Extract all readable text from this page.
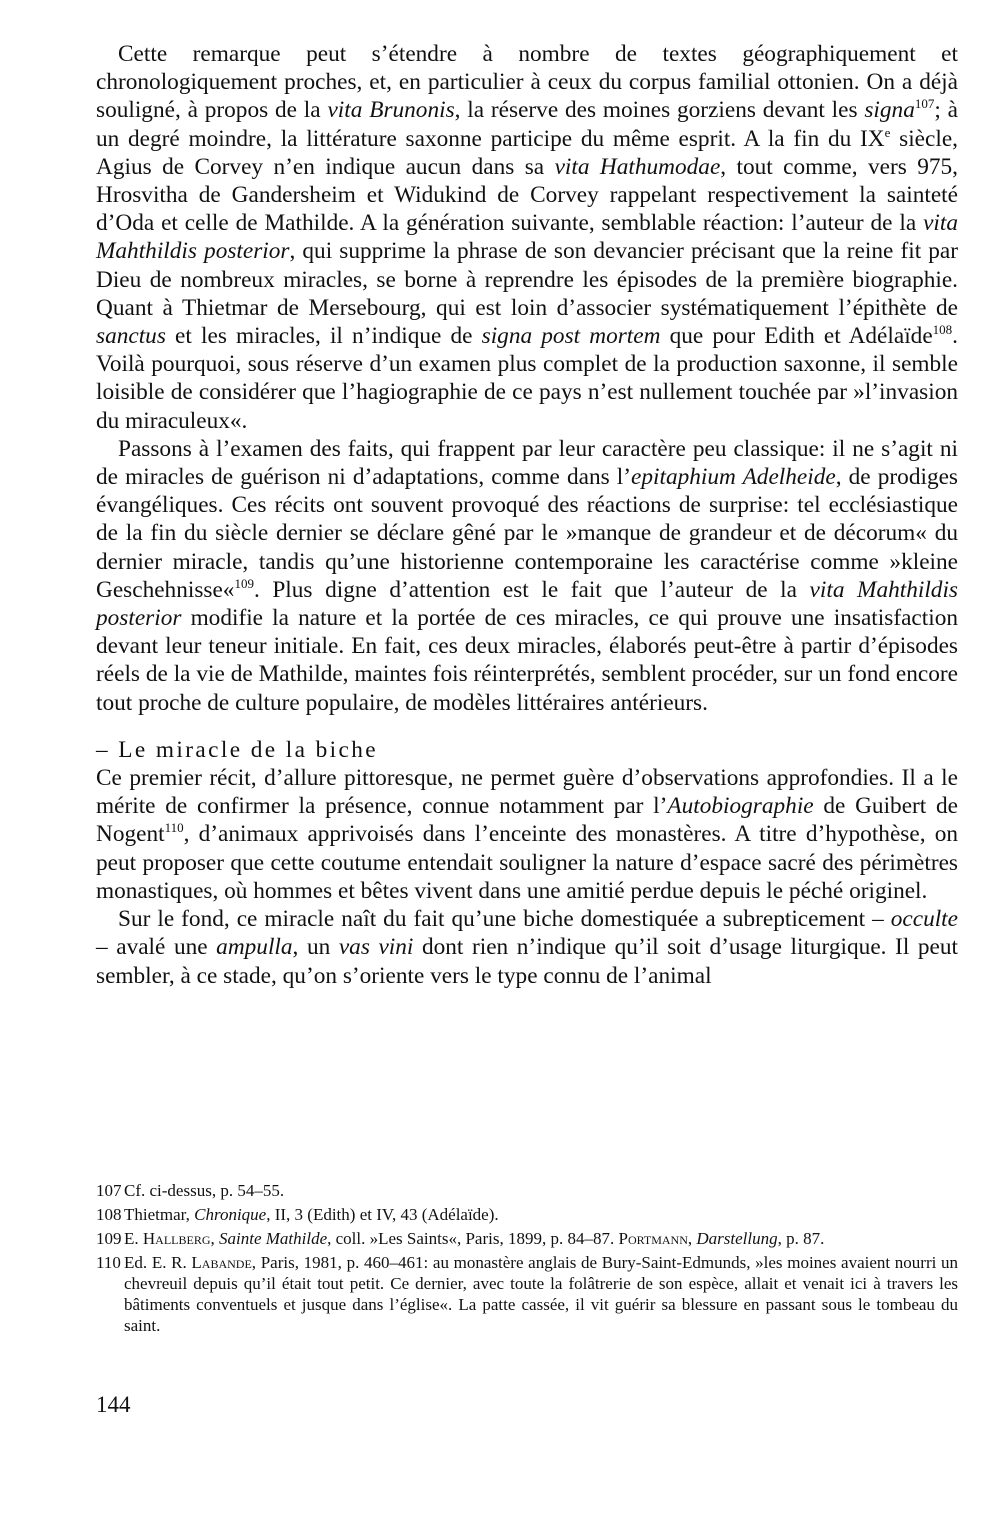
Cette remarque peut s’étendre à nombre de textes géographiquement et chronologiquement proches, et, en particulier à ceux du corpus familial ottonien. On a déjà souligné, à propos de la vita Brunonis, la réserve des moines gorziens devant les signa$^{107}$; à un degré moindre, la littérature saxonne participe du même esprit. A la fin du IXe siècle, Agius de Corvey n’en indique aucun dans sa vita Hathumodae, tout comme, vers 975, Hrosvitha de Gandersheim et Widukind de Corvey rappelant respectivement la sainteté d’Oda et celle de Mathilde. A la génération suivante, semblable réaction: l’auteur de la vita Mahthildis posterior, qui supprime la phrase de son devancier précisant que la reine fit par Dieu de nombreux miracles, se borne à reprendre les épisodes de la première biographie. Quant à Thietmar de Mersebourg, qui est loin d’associer systématiquement l’épithète de sanctus et les miracles, il n’indique de signa post mortem que pour Edith et Adélaïde$^{108}$. Voilà pourquoi, sous réserve d’un examen plus complet de la production saxonne, il semble loisible de considérer que l’hagiographie de ce pays n’est nullement touchée par »l’invasion du miraculeux«.

Passons à l’examen des faits, qui frappent par leur caractère peu classique: il ne s’agit ni de miracles de guérison ni d’adaptations, comme dans l’epitaphium Adelheide, de prodiges évangéliques. Ces récits ont souvent provoqué des réactions de surprise: tel ecclésiastique de la fin du siècle dernier se déclare gêné par le »manque de grandeur et de décorum« du dernier miracle, tandis qu’une historienne contemporaine les caractérise comme »kleine Geschehnisse«$^{109}$. Plus digne d’attention est le fait que l’auteur de la vita Mahthildis posterior modifie la nature et la portée de ces miracles, ce qui prouve une insatisfaction devant leur teneur initiale. En fait, ces deux miracles, élaborés peut-être à partir d’épisodes réels de la vie de Mathilde, maintes fois réinterprétés, semblent procéder, sur un fond encore tout proche de culture populaire, de modèles littéraires antérieurs.

– Le miracle de la biche

Ce premier récit, d’allure pittoresque, ne permet guère d’observations approfondies. Il a le mérite de confirmer la présence, connue notamment par l’Autobiographie de Guibert de Nogent$^{110}$, d’animaux apprivoisés dans l’enceinte des monastères. A titre d’hypothèse, on peut proposer que cette coutume entendait souligner la nature d’espace sacré des périmètres monastiques, où hommes et bêtes vivent dans une amitié perdue depuis le péché originel.

Sur le fond, ce miracle naît du fait qu’une biche domestiquée a subrepticement – occulte – avalé une ampulla, un vas vini dont rien n’indique qu’il soit d’usage liturgique. Il peut sembler, à ce stade, qu’on s’oriente vers le type connu de l’animal

107 Cf. ci-dessus, p. 54–55.
108 Thietmar, Chronique, II, 3 (Edith) et IV, 43 (Adélaïde).
109 E. Hallberg, Sainte Mathilde, coll. »Les Saints«, Paris, 1899, p. 84–87. Portmann, Darstellung, p. 87.
110 Ed. E. R. Labande, Paris, 1981, p. 460–461: au monastère anglais de Bury-Saint-Edmunds, »les moines avaient nourri un chevreuil depuis qu’il était tout petit. Ce dernier, avec toute la folâtrerie de son espèce, allait et venait ici à travers les bâtiments conventuels et jusque dans l’église«. La patte cassée, il vit guérir sa blessure en passant sous le tombeau du saint.
144
